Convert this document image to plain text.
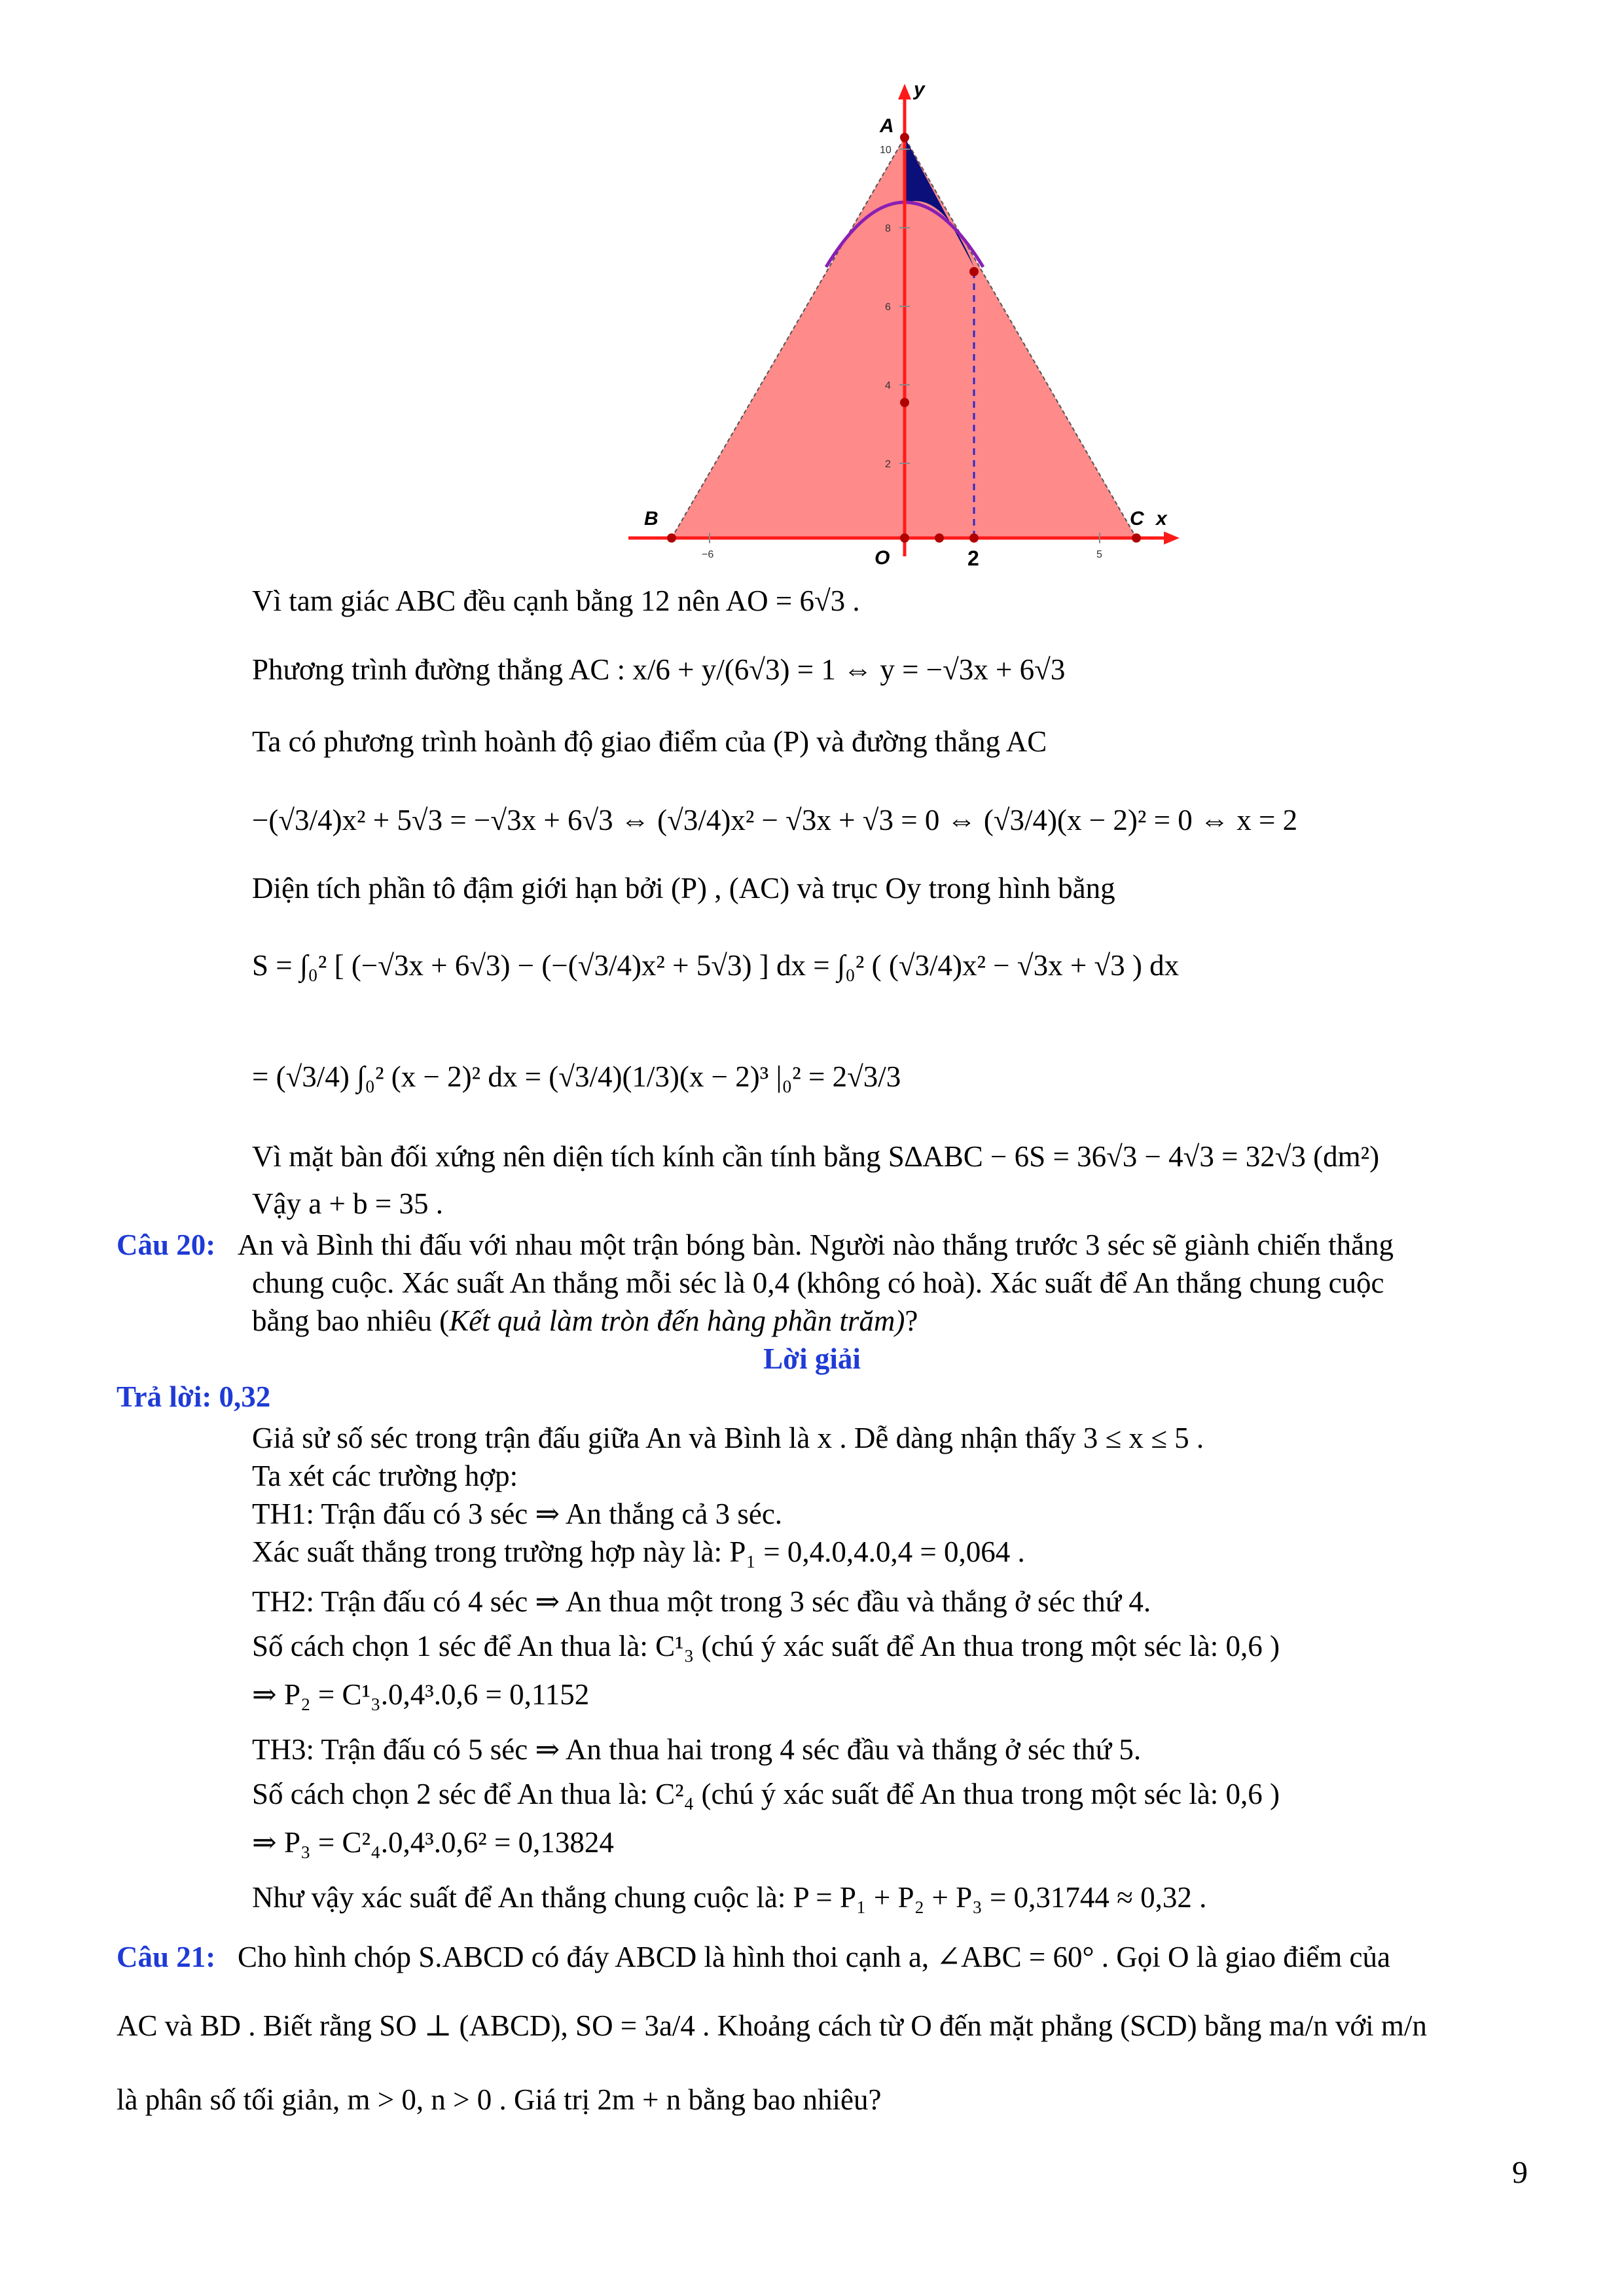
10
8
6
4
2
−6	5
A
y
B	C x
O	2
Vì tam giác ABC đều cạnh bằng 12 nên AO = 6√3 .
Phương trình đường thẳng AC : x/6 + y/(6√3) = 1 ⇔ y = −√3x + 6√3
Ta có phương trình hoành độ giao điểm của (P) và đường thẳng AC
−(√3/4)x² + 5√3 = −√3x + 6√3 ⇔ (√3/4)x² − √3x + √3 = 0 ⇔ (√3/4)(x − 2)² = 0 ⇔ x = 2
Diện tích phần tô đậm giới hạn bởi (P) , (AC) và trục Oy trong hình bằng
S = ∫₀² [ (−√3x + 6√3) − (−(√3/4)x² + 5√3) ] dx = ∫₀² ( (√3/4)x² − √3x + √3 ) dx
= (√3/4) ∫₀² (x − 2)² dx = (√3/4)(1/3)(x − 2)³ |₀² = 2√3/3
Vì mặt bàn đối xứng nên diện tích kính cần tính bằng S∆ABC − 6S = 36√3 − 4√3 = 32√3 (dm²)
Vậy a + b = 35 .
Câu 20: An và Bình thi đấu với nhau một trận bóng bàn. Người nào thắng trước 3 séc sẽ giành chiến thắng
chung cuộc. Xác suất An thắng mỗi séc là 0,4 (không có hoà). Xác suất để An thắng chung cuộc
bằng bao nhiêu (Kết quả làm tròn đến hàng phần trăm)?
Lời giải
Trả lời: 0,32
Giả sử số séc trong trận đấu giữa An và Bình là x . Dễ dàng nhận thấy 3 ≤ x ≤ 5 .
Ta xét các trường hợp:
TH1: Trận đấu có 3 séc ⇒ An thắng cả 3 séc.
Xác suất thắng trong trường hợp này là: P₁ = 0,4.0,4.0,4 = 0,064 .
TH2: Trận đấu có 4 séc ⇒ An thua một trong 3 séc đầu và thắng ở séc thứ 4.
Số cách chọn 1 séc để An thua là: C¹₃ (chú ý xác suất để An thua trong một séc là: 0,6 )
⇒ P₂ = C¹₃.0,4³.0,6 = 0,1152
TH3: Trận đấu có 5 séc ⇒ An thua hai trong 4 séc đầu và thắng ở séc thứ 5.
Số cách chọn 2 séc để An thua là: C²₄ (chú ý xác suất để An thua trong một séc là: 0,6 )
⇒ P₃ = C²₄.0,4³.0,6² = 0,13824
Như vậy xác suất để An thắng chung cuộc là: P = P₁ + P₂ + P₃ = 0,31744 ≈ 0,32 .
Câu 21: Cho hình chóp S.ABCD có đáy ABCD là hình thoi cạnh a, ∠ABC = 60° . Gọi O là giao điểm của
AC và BD . Biết rằng SO ⊥ (ABCD), SO = 3a/4 . Khoảng cách từ O đến mặt phẳng (SCD) bằng ma/n với m/n
là phân số tối giản, m > 0, n > 0 . Giá trị 2m + n bằng bao nhiêu?
9
